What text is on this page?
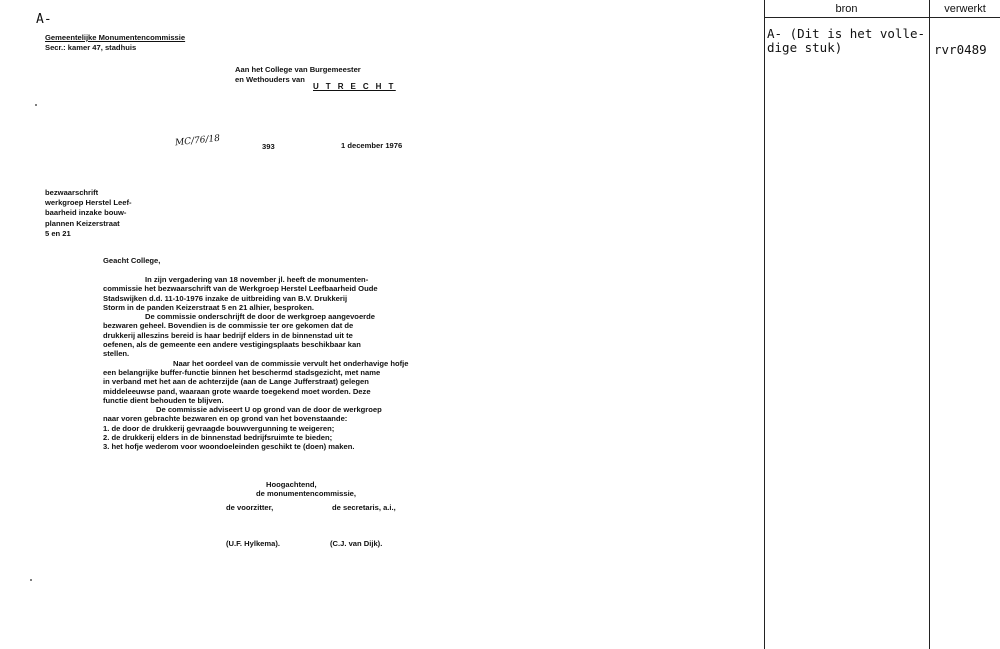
A-
Gemeentelijke Monumentencommissie
Secr.: kamer 47, stadhuis
Aan het College van Burgemeester
en Wethouders van
U T R E C H T
MC/76/18	393	1 december 1976
bezwaarschrift
werkgroep Herstel Leef-
baarheid inzake bouw-
plannen Keizerstraat
5 en 21
Geacht College,
In zijn vergadering van 18 november jl. heeft de monumenten-
commissie het bezwaarschrift van de Werkgroep Herstel Leefbaarheid Oude
Stadswijken d.d. 11-10-1976 inzake de uitbreiding van B.V. Drukkerij
Storm in de panden Keizerstraat 5 en 21 alhier, besproken.
De commissie onderschrijft de door de werkgroep aangevoerde
bezwaren geheel. Bovendien is de commissie ter ore gekomen dat de
drukkerij alleszins bereid is haar bedrijf elders in de binnenstad uit te
oefenen, als de gemeente een andere vestigingsplaats beschikbaar kan
stellen.
Naar het oordeel van de commissie vervult het onderhavige hofje
een belangrijke buffer-functie binnen het beschermd stadsgezicht, met name
in verband met het aan de achterzijde (aan de Lange Jufferstraat) gelegen
middeleeuwse pand, waaraan grote waarde toegekend moet worden. Deze
functie dient behouden te blijven.
De commissie adviseert U op grond van de door de werkgroep
naar voren gebrachte bezwaren en op grond van het bovenstaande:
1. de door de drukkerij gevraagde bouwvergunning te weigeren;
2. de drukkerij elders in de binnenstad bedrijfsruimte te bieden;
3. het hofje wederom voor woondoeleinden geschikt te (doen) maken.
Hoogachtend,
de monumentencommissie,
de voorzitter,	de secretaris, a.i.,
(U.F. Hylkema).	(C.J. van Dijk).
bron	verwerkt
A- (Dit is het volle-
dige stuk)	rvr0489
